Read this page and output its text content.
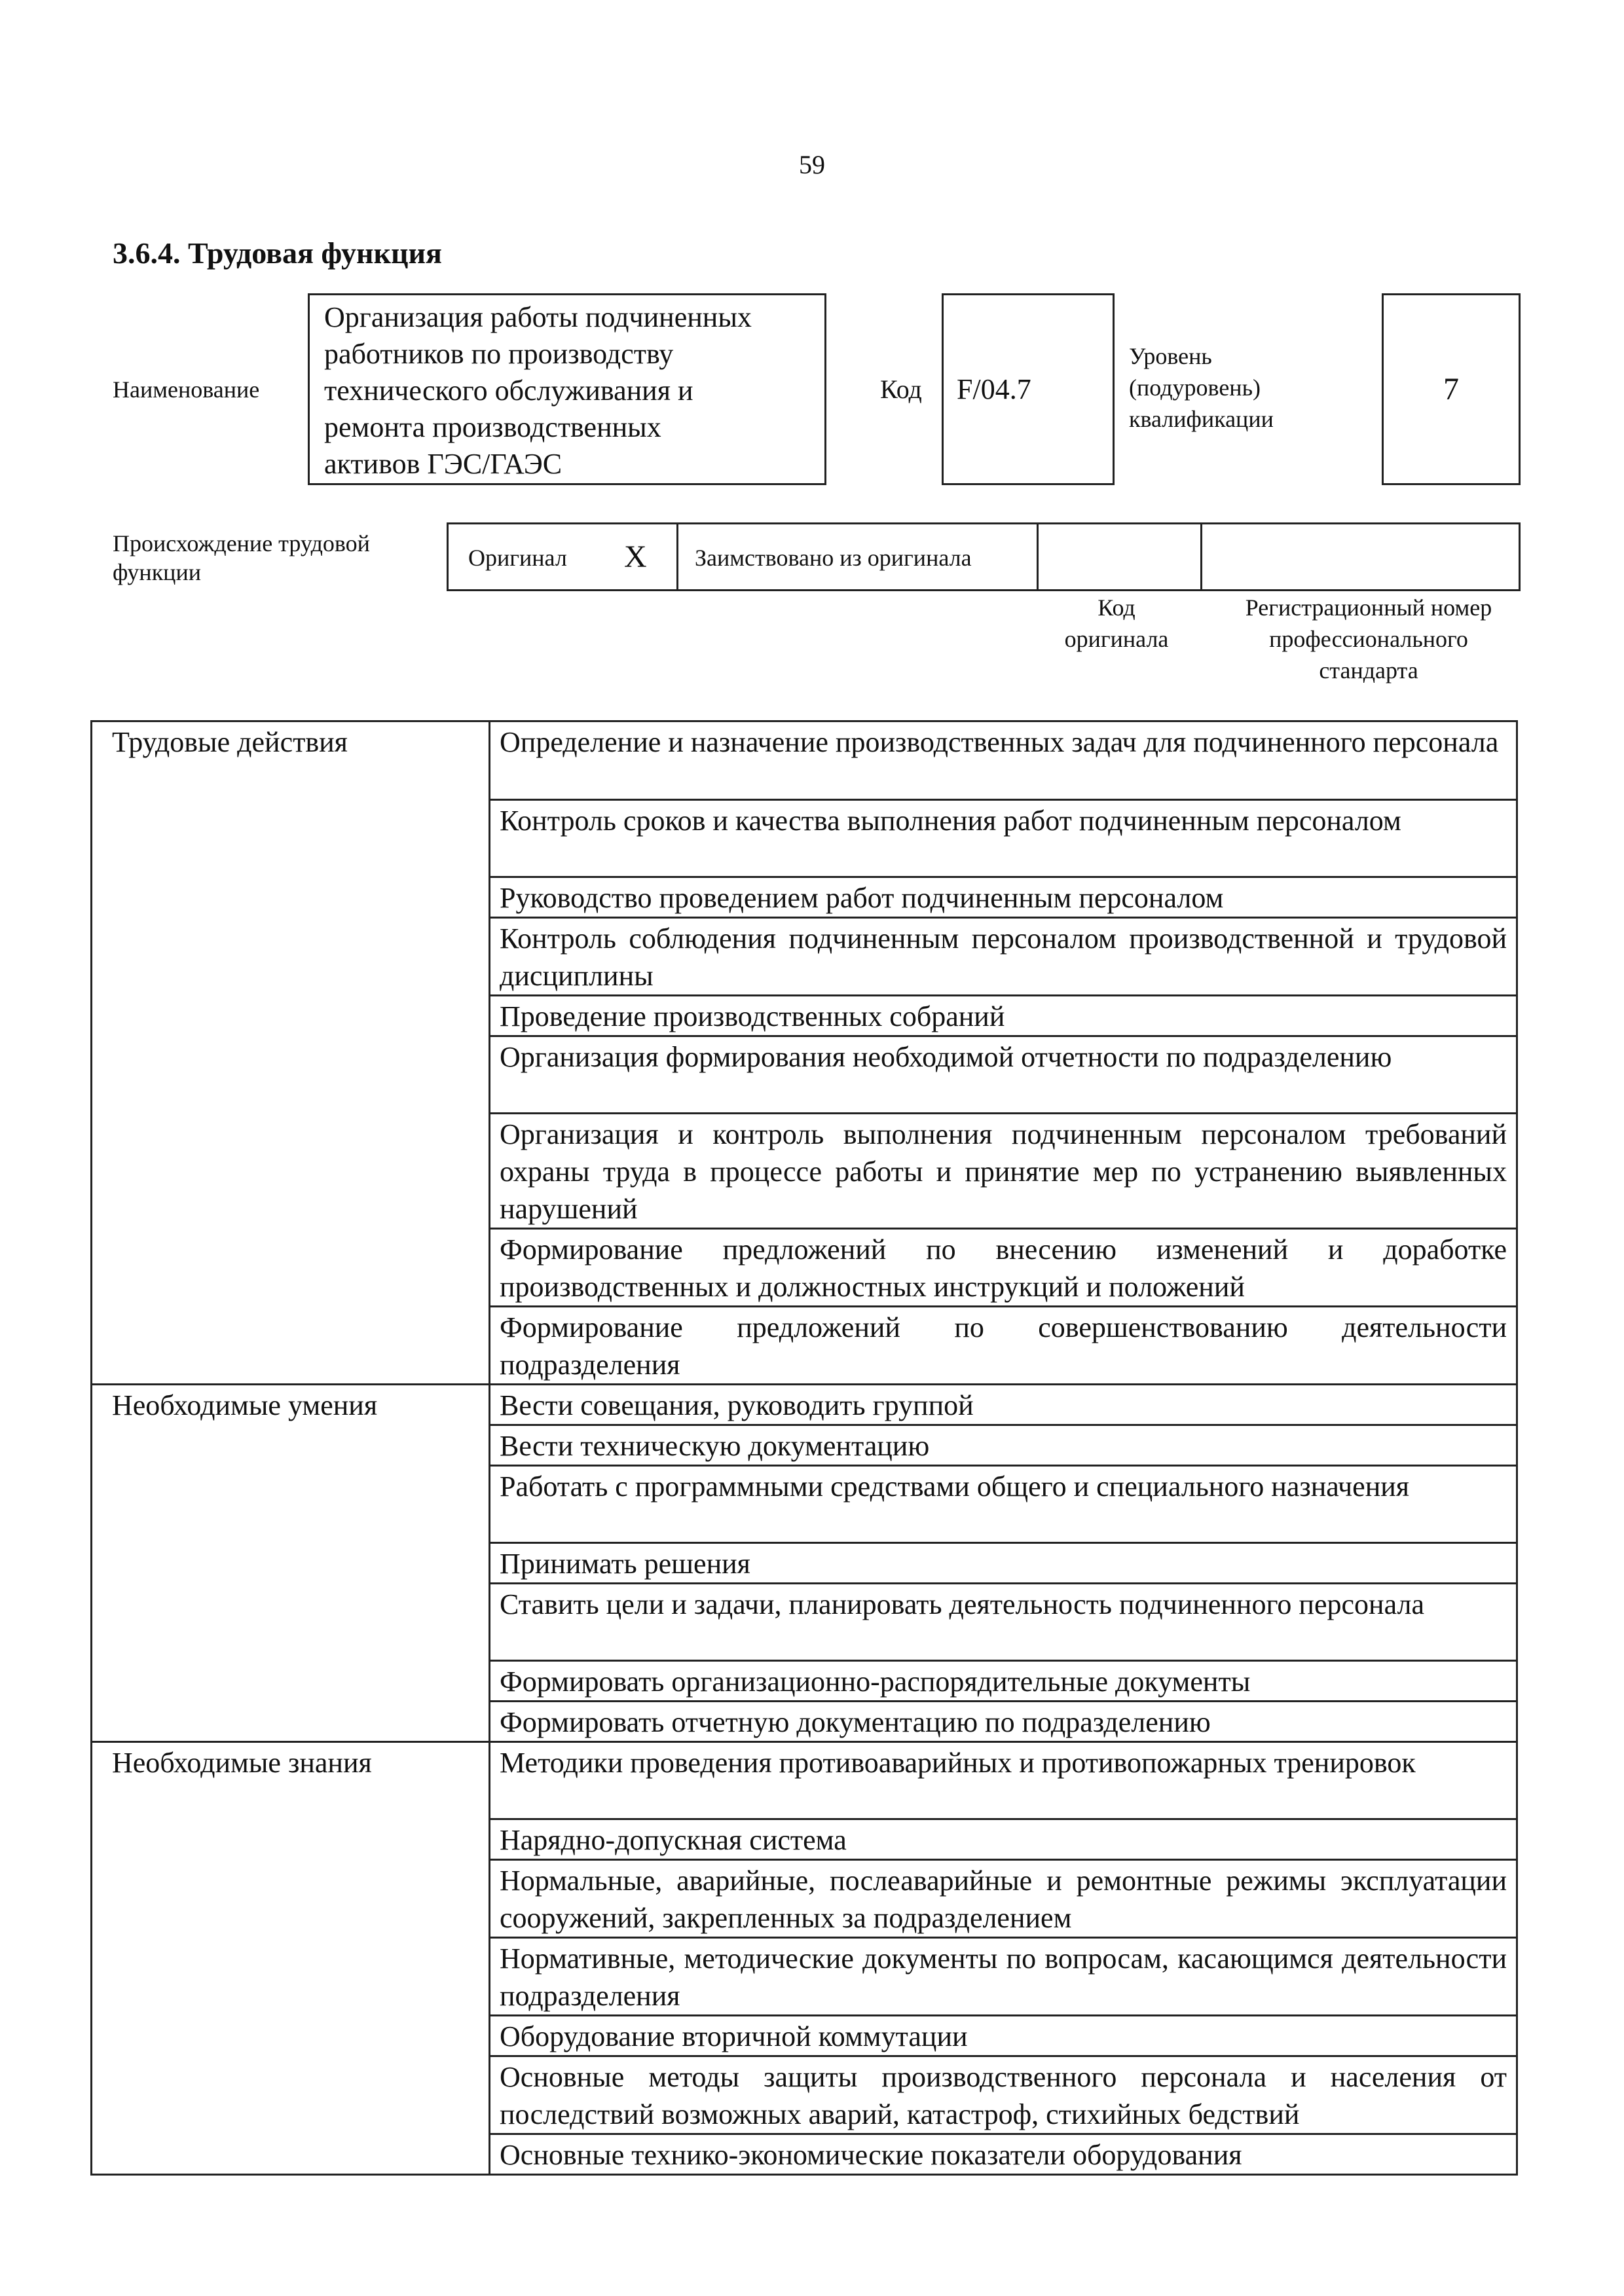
59
3.6.4. Трудовая функция
Наименование
Организация работы подчиненных
работников по производству
технического обслуживания и
ремонта производственных
активов ГЭС/ГАЭС
Код F/04.7
Уровень
(подуровень)
квалификации
7
Происхождение трудовой
функции
Оригинал X Заимствовано из оригинала
Код
оригинала
Регистрационный номер
профессионального
стандарта
Трудовые действия	Определение и назначение производственных задач для подчиненного персонала
	Контроль сроков и качества выполнения работ подчиненным персоналом
	Руководство проведением работ подчиненным персоналом
	Контроль соблюдения подчиненным персоналом производственной и трудовой дисциплины
	Проведение производственных собраний
	Организация формирования необходимой отчетности по подразделению
	Организация и контроль выполнения подчиненным персоналом требований охраны труда в процессе работы и принятие мер по устранению выявленных нарушений
	Формирование предложений по внесению изменений и доработке производственных и должностных инструкций и положений
	Формирование предложений по совершенствованию деятельности подразделения
Необходимые умения	Вести совещания, руководить группой
	Вести техническую документацию
	Работать с программными средствами общего и специального назначения
	Принимать решения
	Ставить цели и задачи, планировать деятельность подчиненного персонала
	Формировать организационно-распорядительные документы
	Формировать отчетную документацию по подразделению
Необходимые знания	Методики проведения противоаварийных и противопожарных тренировок
	Нарядно-допускная система
	Нормальные, аварийные, послеаварийные и ремонтные режимы эксплуатации сооружений, закрепленных за подразделением
	Нормативные, методические документы по вопросам, касающимся деятельности подразделения
	Оборудование вторичной коммутации
	Основные методы защиты производственного персонала и населения от последствий возможных аварий, катастроф, стихийных бедствий
	Основные технико-экономические показатели оборудования
